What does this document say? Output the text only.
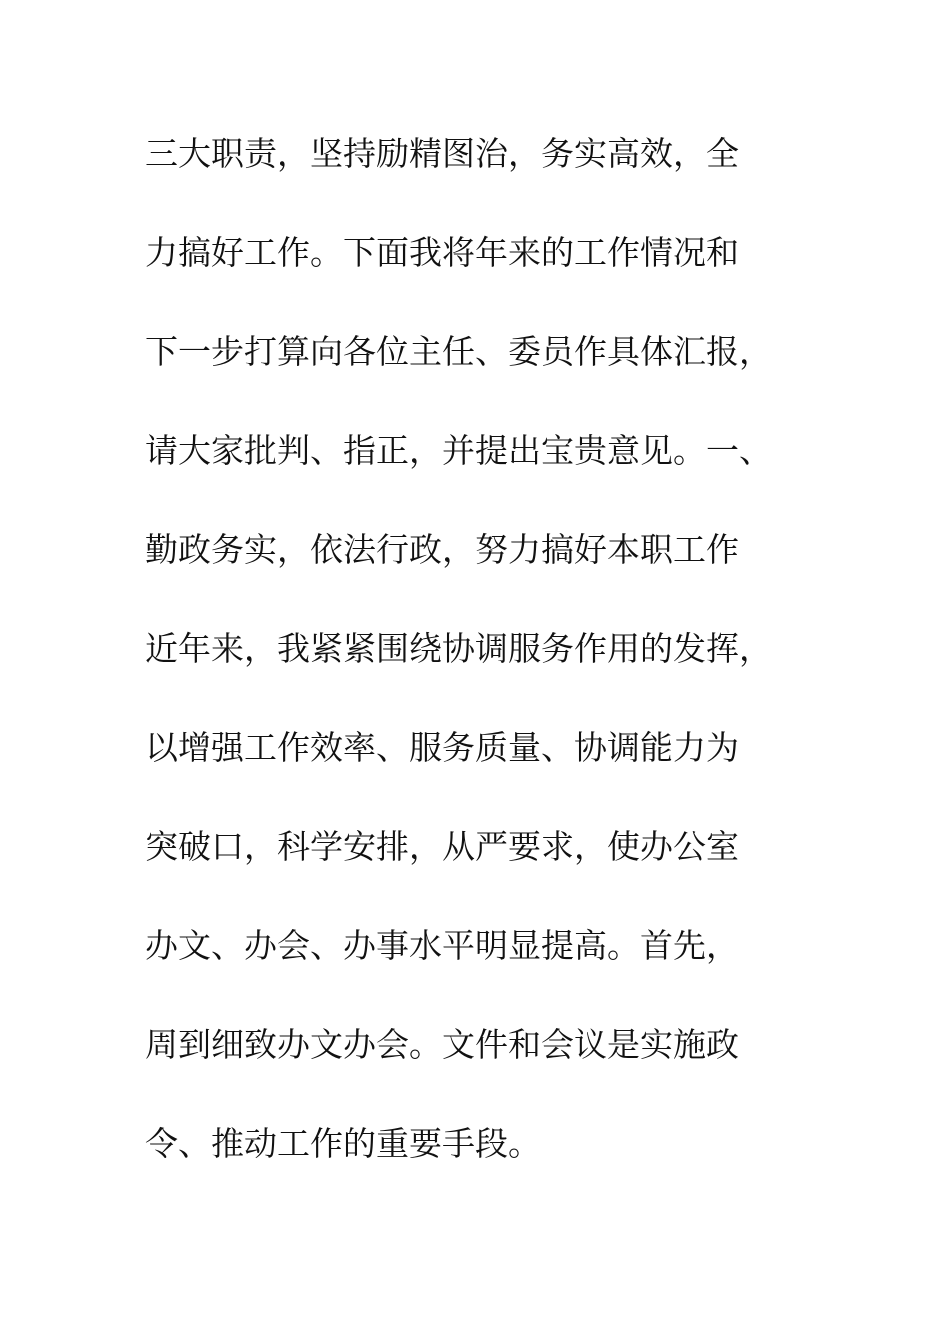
三大职责，坚持励精图治，务实高效，全
力搞好工作。下面我将年来的工作情况和
下一步打算向各位主任、委员作具体汇报，
请大家批判、指正，并提出宝贵意见。一、
勤政务实，依法行政，努力搞好本职工作
近年来，我紧紧围绕协调服务作用的发挥，
以增强工作效率、服务质量、协调能力为
突破口，科学安排，从严要求，使办公室
办文、办会、办事水平明显提高。首先，
周到细致办文办会。文件和会议是实施政
令、推动工作的重要手段。
